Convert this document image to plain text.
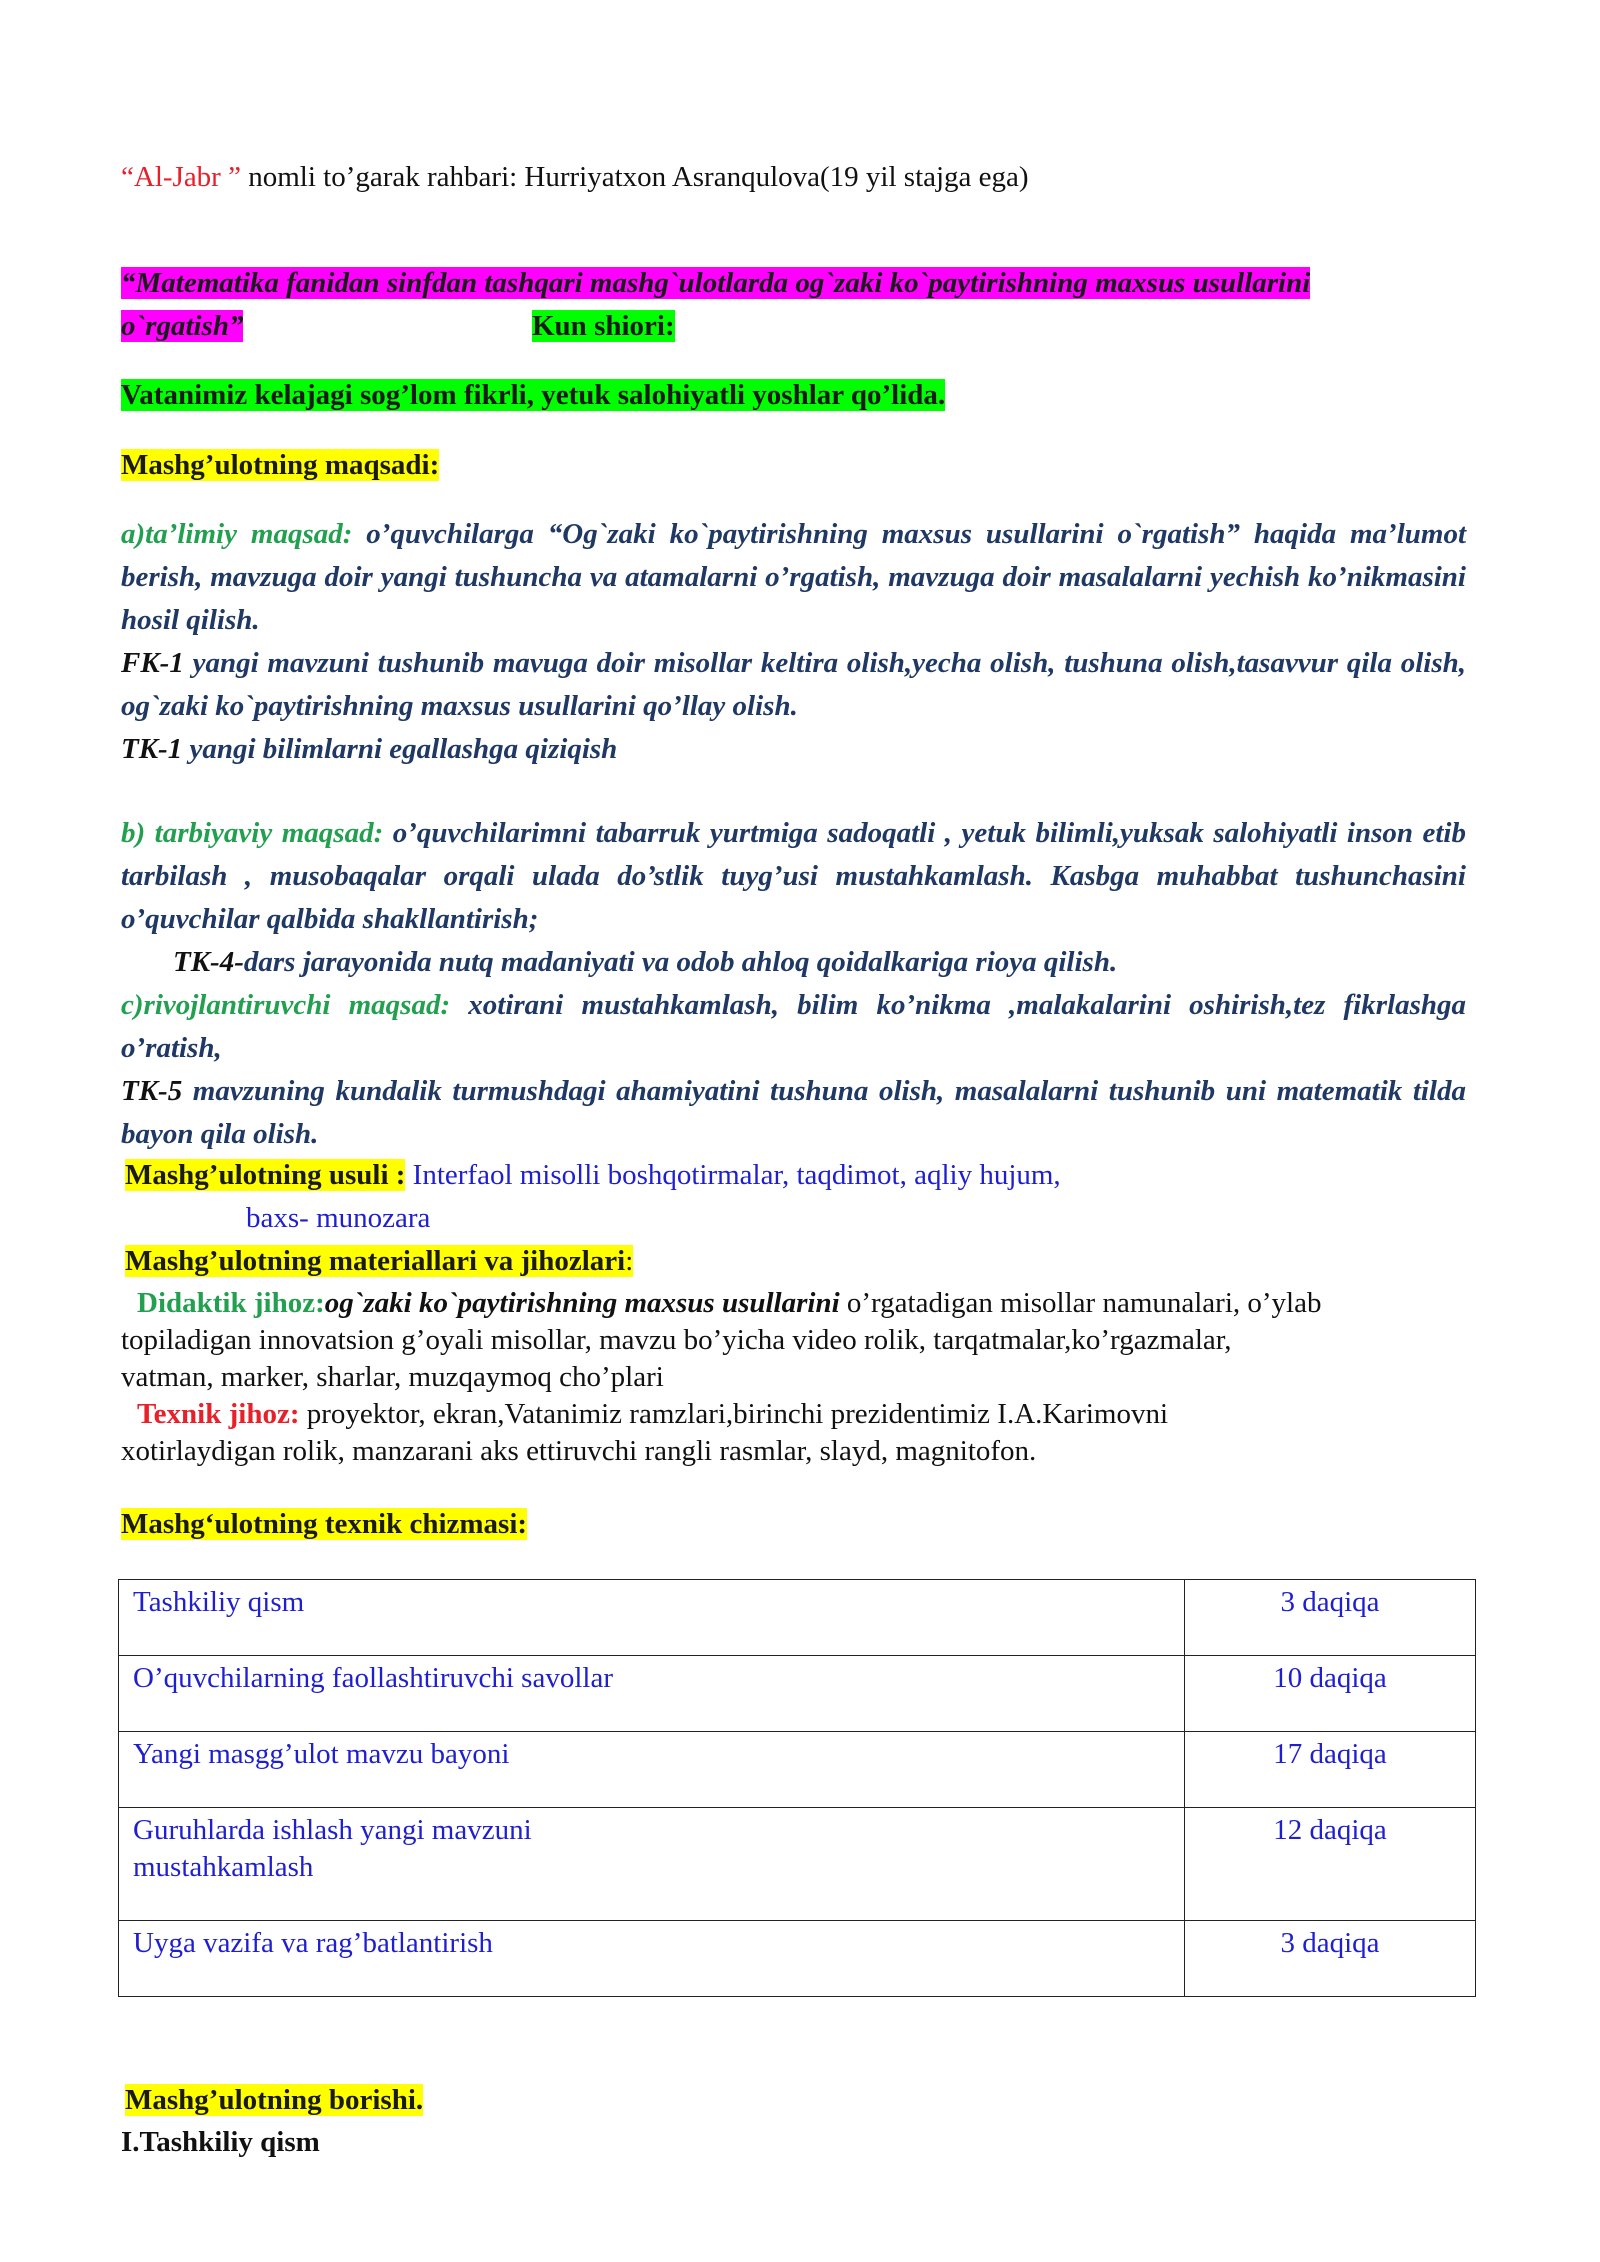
“Al-Jabr ” nomli to’garak rahbari: Hurriyatxon Asranqulova(19 yil stajga ega)
“Matematika fanidan sinfdan tashqari mashg`ulotlarda og`zaki ko`paytirishning maxsus usullarini
o`rgatish”	Kun shiori:
Vatanimiz kelajagi sog’lom fikrli, yetuk salohiyatli yoshlar qo’lida.
Mashg’ulotning maqsadi:
a)ta’limiy maqsad: o’quvchilarga “Og`zaki ko`paytirishning maxsus usullarini o`rgatish” haqida ma’lumot berish, mavzuga doir yangi tushuncha va atamalarni o’rgatish, mavzuga doir masalalarni yechish ko’nikmasini hosil qilish.
FK-1 yangi mavzuni tushunib mavuga doir misollar keltira olish,yecha olish, tushuna olish,tasavvur qila olish, og`zaki ko`paytirishning maxsus usullarini qo’llay olish.
TK-1 yangi bilimlarni egallashga qiziqish
b) tarbiyaviy maqsad: o’quvchilarimni tabarruk yurtmiga sadoqatli , yetuk bilimli,yuksak salohiyatli inson etib tarbilash , musobaqalar orqali ulada do’stlik tuyg’usi mustahkamlash. Kasbga muhabbat tushunchasini o’quvchilar qalbida shakllantirish;
TK-4-dars jarayonida nutq madaniyati va odob ahloq qoidalkariga rioya qilish.
c)rivojlantiruvchi maqsad: xotirani mustahkamlash, bilim ko’nikma ,malakalarini oshirish,tez fikrlashga o’ratish,
TK-5 mavzuning kundalik turmushdagi ahamiyatini tushuna olish, masalalarni tushunib uni matematik tilda bayon qila olish.
Mashg’ulotning usuli : Interfaol misolli boshqotirmalar, taqdimot, aqliy hujum,
baxs- munozara
Mashg’ulotning materiallari va jihozlari:
Didaktik jihoz:og`zaki ko`paytirishning maxsus usullarini o’rgatadigan misollar namunalari, o’ylab
topiladigan innovatsion g’oyali misollar, mavzu bo’yicha video rolik, tarqatmalar,ko’rgazmalar,
vatman, marker, sharlar, muzqaymoq cho’plari
Texnik jihoz: proyektor, ekran,Vatanimiz ramzlari,birinchi prezidentimiz I.A.Karimovni
xotirlaydigan rolik, manzarani aks ettiruvchi rangli rasmlar, slayd, magnitofon.
Mashg‘ulotning texnik chizmasi:
Tashkiliy qism	3 daqiqa
O’quvchilarning faollashtiruvchi savollar	10 daqiqa
Yangi masgg’ulot mavzu bayoni	17 daqiqa
Guruhlarda ishlash yangi mavzuni
mustahkamlash	12 daqiqa
Uyga vazifa va rag’batlantirish	3 daqiqa
Mashg’ulotning borishi.
I.Tashkiliy qism
